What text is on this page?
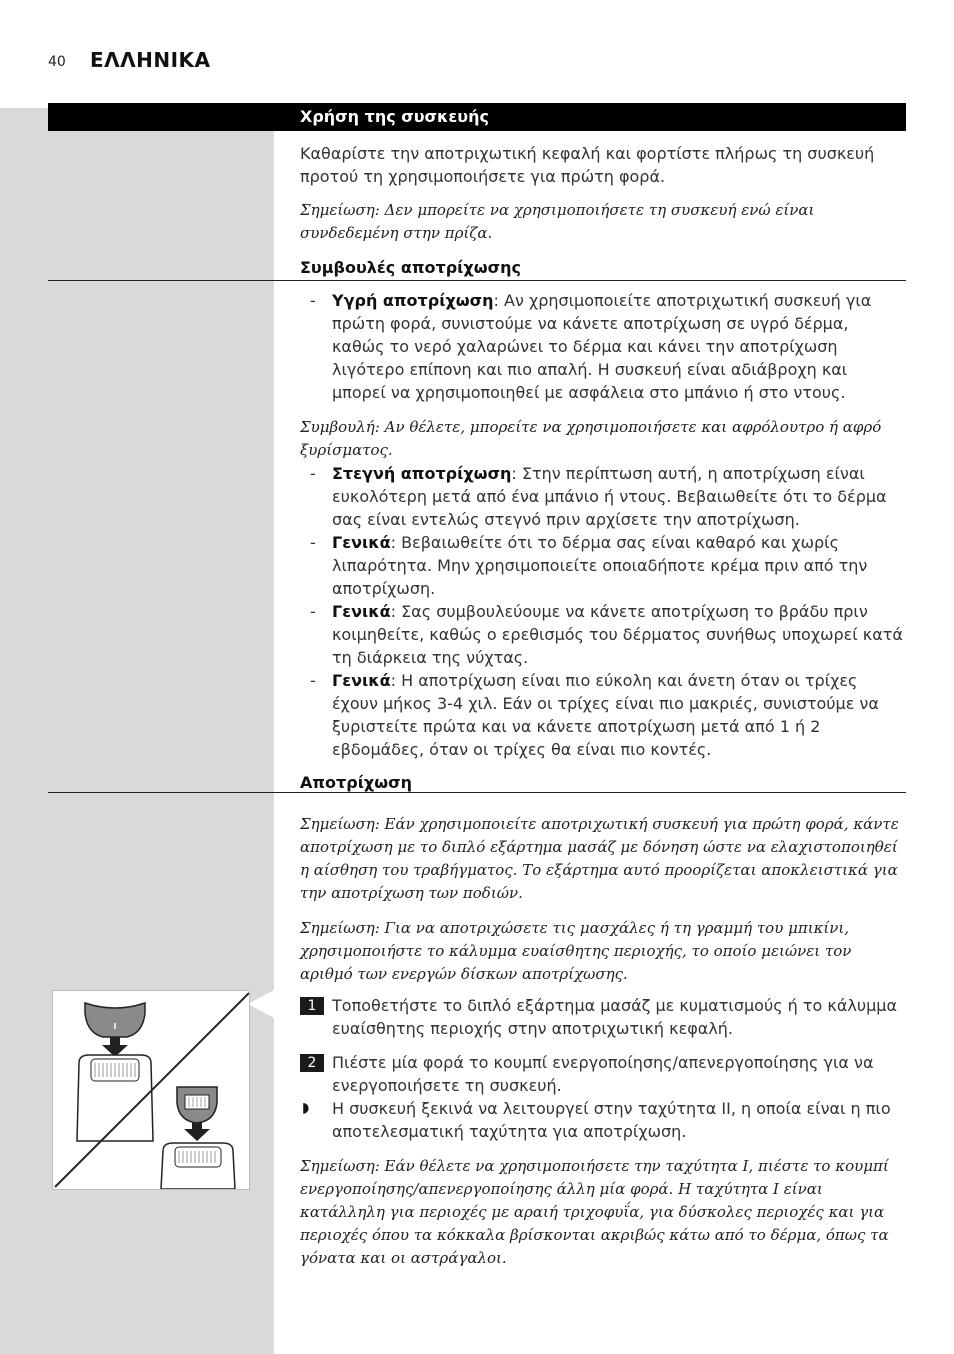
40 ΕΛΛΗΝΙΚΑ
Χρήση της συσκευής

Καθαρίστε την αποτριχωτική κεφαλή και φορτίστε πλήρως τη συσκευή προτού τη χρησιμοποιήσετε για πρώτη φορά.

Σημείωση: Δεν μπορείτε να χρησιμοποιήσετε τη συσκευή ενώ είναι συνδεδεμένη στην πρίζα.

Συμβουλές αποτρίχωσης

- Υγρή αποτρίχωση: Αν χρησιμοποιείτε αποτριχωτική συσκευή για πρώτη φορά, συνιστούμε να κάνετε αποτρίχωση σε υγρό δέρμα, καθώς το νερό χαλαρώνει το δέρμα και κάνει την αποτρίχωση λιγότερο επίπονη και πιο απαλή. Η συσκευή είναι αδιάβροχη και μπορεί να χρησιμοποιηθεί με ασφάλεια στο μπάνιο ή στο ντους.

Συμβουλή: Αν θέλετε, μπορείτε να χρησιμοποιήσετε και αφρόλουτρο ή αφρό ξυρίσματος.

- Στεγνή αποτρίχωση: Στην περίπτωση αυτή, η αποτρίχωση είναι ευκολότερη μετά από ένα μπάνιο ή ντους. Βεβαιωθείτε ότι το δέρμα σας είναι εντελώς στεγνό πριν αρχίσετε την αποτρίχωση.

- Γενικά: Βεβαιωθείτε ότι το δέρμα σας είναι καθαρό και χωρίς λιπαρότητα. Μην χρησιμοποιείτε οποιαδήποτε κρέμα πριν από την αποτρίχωση.

- Γενικά: Σας συμβουλεύουμε να κάνετε αποτρίχωση το βράδυ πριν κοιμηθείτε, καθώς ο ερεθισμός του δέρματος συνήθως υποχωρεί κατά τη διάρκεια της νύχτας.

- Γενικά: Η αποτρίχωση είναι πιο εύκολη και άνετη όταν οι τρίχες έχουν μήκος 3-4 χιλ. Εάν οι τρίχες είναι πιο μακριές, συνιστούμε να ξυριστείτε πρώτα και να κάνετε αποτρίχωση μετά από 1 ή 2 εβδομάδες, όταν οι τρίχες θα είναι πιο κοντές.

Αποτρίχωση

Σημείωση: Εάν χρησιμοποιείτε αποτριχωτική συσκευή για πρώτη φορά, κάντε αποτρίχωση με το διπλό εξάρτημα μασάζ με δόνηση ώστε να ελαχιστοποιηθεί η αίσθηση του τραβήγματος. Το εξάρτημα αυτό προορίζεται αποκλειστικά για την αποτρίχωση των ποδιών.

Σημείωση: Για να αποτριχώσετε τις μασχάλες ή τη γραμμή του μπικίνι, χρησιμοποιήστε το κάλυμμα ευαίσθητης περιοχής, το οποίο μειώνει τον αριθμό των ενεργών δίσκων αποτρίχωσης.

1 Τοποθετήστε το διπλό εξάρτημα μασάζ με κυματισμούς ή το κάλυμμα ευαίσθητης περιοχής στην αποτριχωτική κεφαλή.

2 Πιέστε μία φορά το κουμπί ενεργοποίησης/απενεργοποίησης για να ενεργοποιήσετε τη συσκευή.

◗ Η συσκευή ξεκινά να λειτουργεί στην ταχύτητα II, η οποία είναι η πιο αποτελεσματική ταχύτητα για αποτρίχωση.

Σημείωση: Εάν θέλετε να χρησιμοποιήσετε την ταχύτητα I, πιέστε το κουμπί ενεργοποίησης/απενεργοποίησης άλλη μία φορά. Η ταχύτητα I είναι κατάλληλη για περιοχές με αραιή τριχοφυΐα, για δύσκολες περιοχές και για περιοχές όπου τα κόκκαλα βρίσκονται ακριβώς κάτω από το δέρμα, όπως τα γόνατα και οι αστράγαλοι.
